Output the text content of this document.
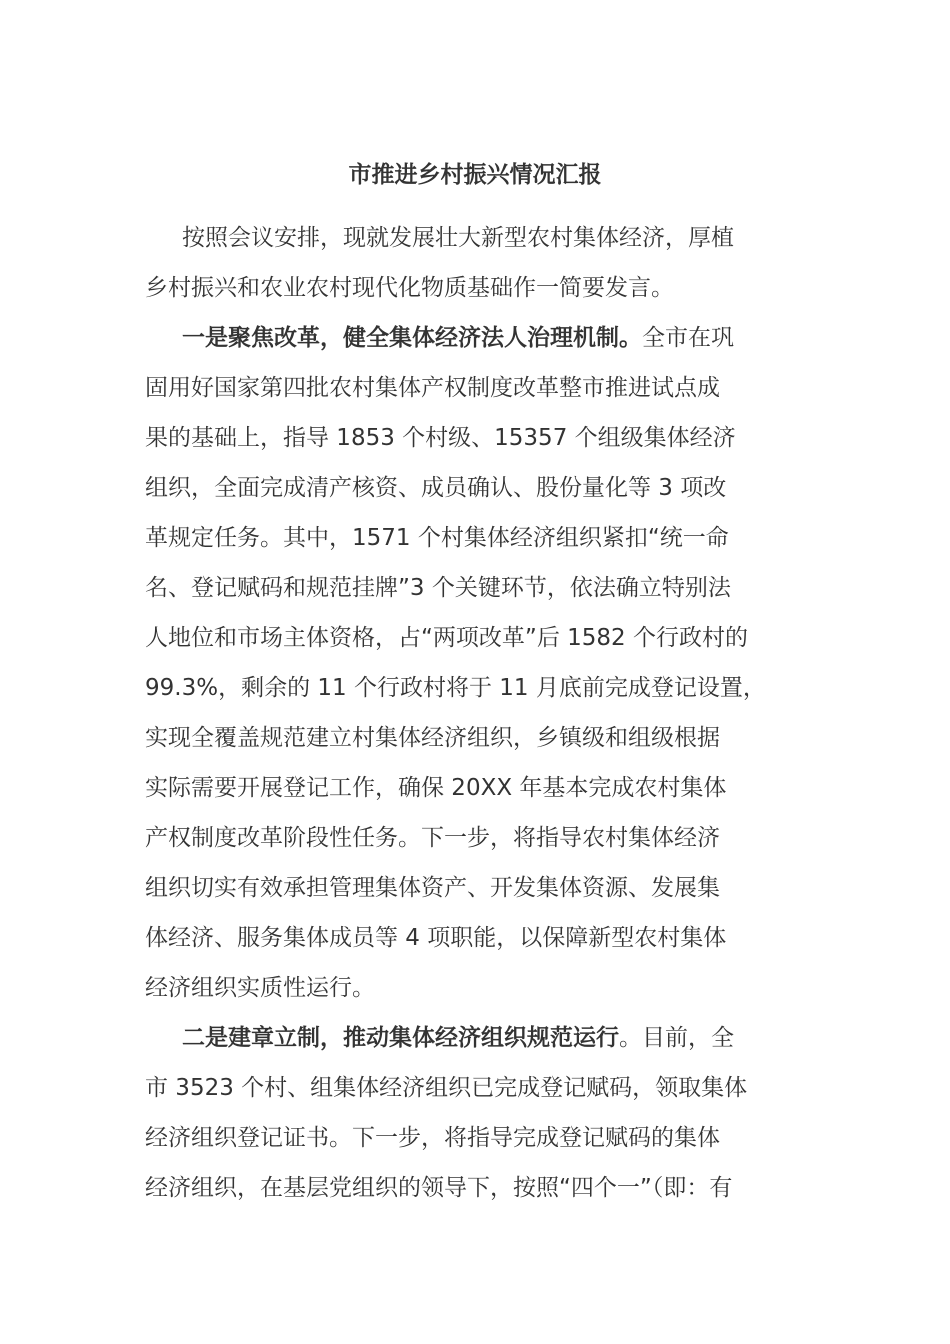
市推进乡村振兴情况汇报
按照会议安排，现就发展壮大新型农村集体经济，厚植
乡村振兴和农业农村现代化物质基础作一简要发言。
一是聚焦改革，健全集体经济法人治理机制。全市在巩
固用好国家第四批农村集体产权制度改革整市推进试点成
果的基础上，指导 1853 个村级、15357 个组级集体经济
组织，全面完成清产核资、成员确认、股份量化等 3 项改
革规定任务。其中，1571 个村集体经济组织紧扣“统一命
名、登记赋码和规范挂牌”3 个关键环节，依法确立特别法
人地位和市场主体资格，占“两项改革”后 1582 个行政村的
99.3%，剩余的 11 个行政村将于 11 月底前完成登记设置，
实现全覆盖规范建立村集体经济组织，乡镇级和组级根据
实际需要开展登记工作，确保 20XX 年基本完成农村集体
产权制度改革阶段性任务。下一步，将指导农村集体经济
组织切实有效承担管理集体资产、开发集体资源、发展集
体经济、服务集体成员等 4 项职能，以保障新型农村集体
经济组织实质性运行。
二是建章立制，推动集体经济组织规范运行。目前，全
市 3523 个村、组集体经济组织已完成登记赋码，领取集体
经济组织登记证书。下一步，将指导完成登记赋码的集体
经济组织，在基层党组织的领导下，按照“四个一”（即：有
